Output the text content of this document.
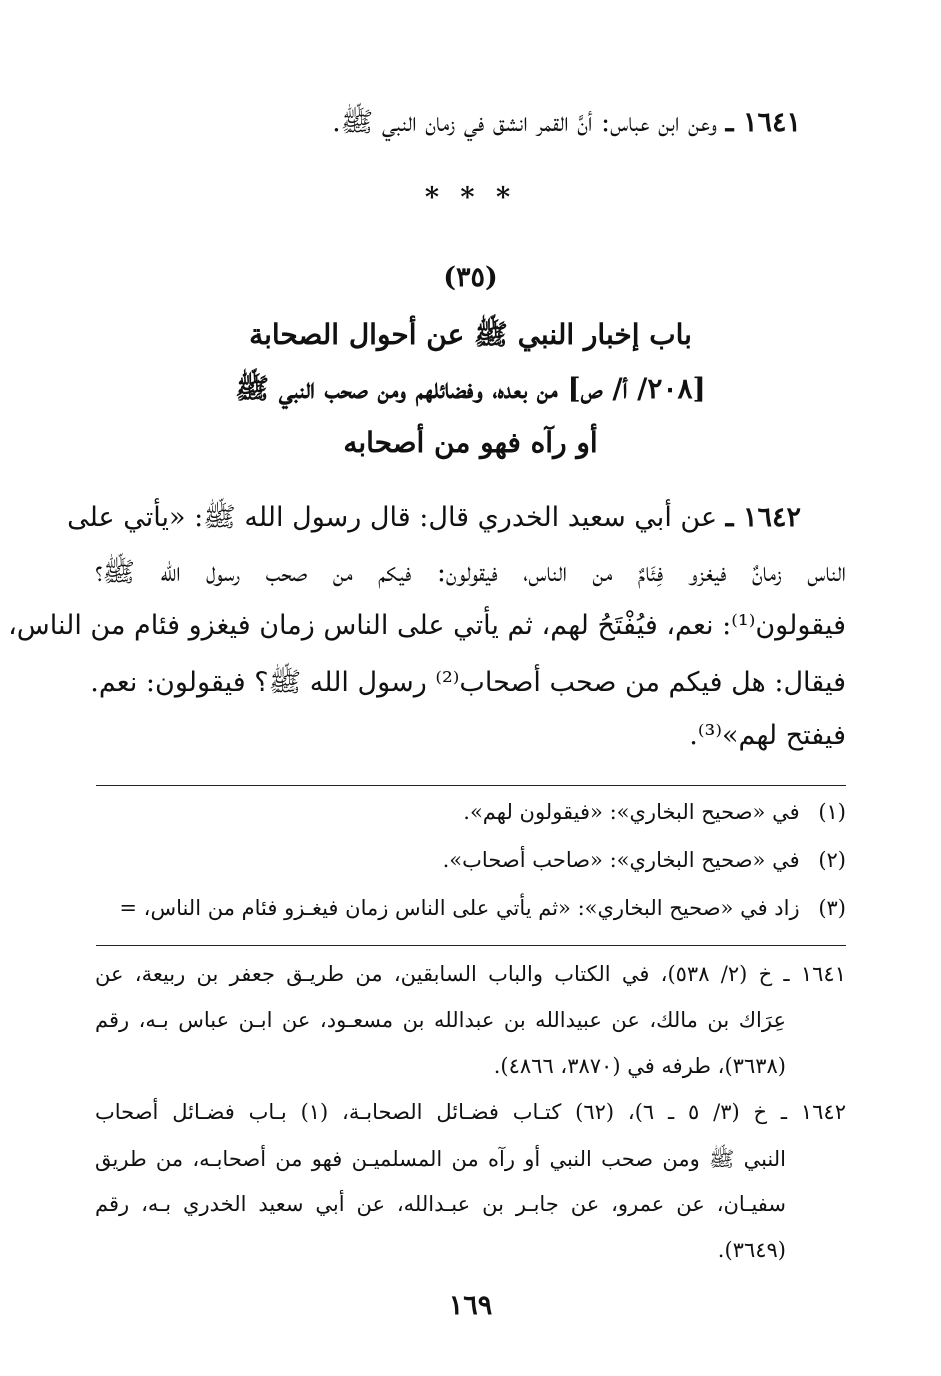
١٦٤١ ـ وعن ابن عباس: أنَّ القمر انشق في زمان النبي ﷺ.
* * *
(٣٥)
باب إخبار النبي ﷺ عن أحوال الصحابة
[٢٠٨/ أ/ ص] من بعده، وفضائلهم ومن صحب النبي ﷺ
أو رآه فهو من أصحابه
١٦٤٢ ـ عن أبي سعيد الخدري قال: قال رسول الله ﷺ: «يأتي على
الناس زمانٌ فيغزو فِئَامٌ من الناس، فيقولون: فيكم من صحب رسول الله ﷺ؟
فيقولون⁽¹⁾: نعم، فيُفْتَحُ لهم، ثم يأتي على الناس زمان فيغزو فئام من الناس،
فيقال: هل فيكم من صحب أصحاب⁽²⁾ رسول الله ﷺ؟ فيقولون: نعم.
فيفتح لهم»⁽³⁾.
(١) في «صحيح البخاري»: «فيقولون لهم».
(٢) في «صحيح البخاري»: «صاحب أصحاب».
(٣) زاد في «صحيح البخاري»: «ثم يأتي على الناس زمان فيغـزو فئام من الناس، =
١٦٤١ ـ خ (٢/ ٥٣٨)، في الكتاب والباب السابقين، من طريـق جعفر بن ربيعة، عن
عِرَاك بن مالك، عن عبيدالله بن عبدالله بن مسعـود، عن ابـن عباس بـه، رقم
(٣٦٣٨)، طرفه في (٣٨٧٠، ٤٨٦٦).
١٦٤٢ ـ خ (٣/ ٥ ـ ٦)، (٦٢) كتـاب فضـائل الصحابـة، (١) بـاب فضـائل أصحاب
النبي ﷺ ومن صحب النبي أو رآه من المسلميـن فهو من أصحابـه، من طريق
سفيـان، عن عمرو، عن جابـر بن عبـدالله، عن أبي سعيد الخدري بـه، رقم
(٣٦٤٩).
١٦٩
